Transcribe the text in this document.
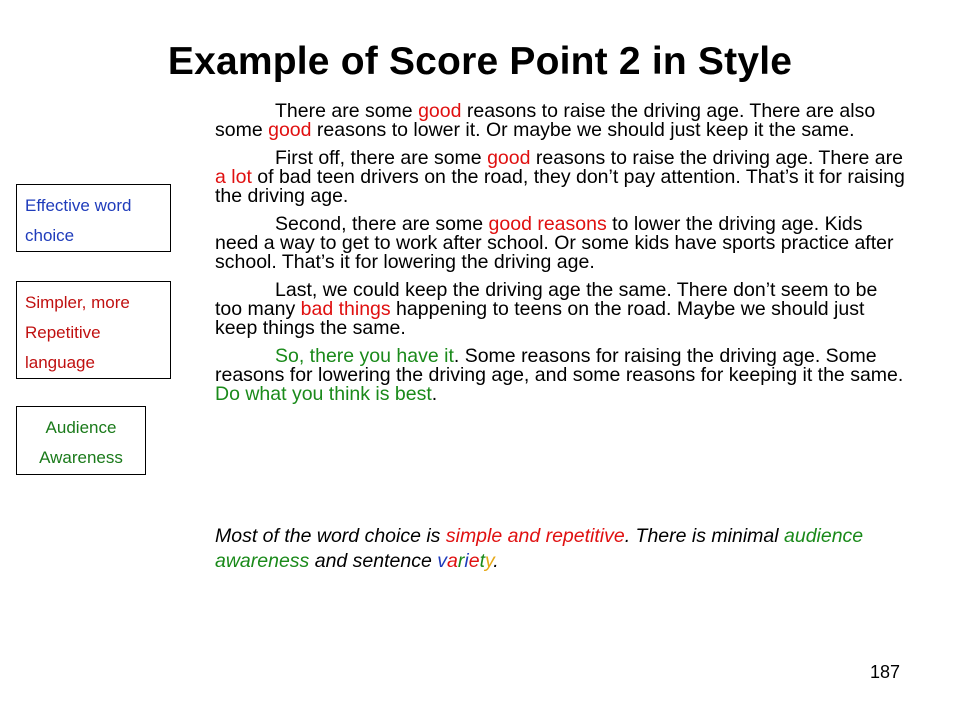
Example of Score Point 2 in Style
Effective word
choice
Simpler, more
Repetitive
language
Audience
Awareness

There are some good reasons to raise the driving age. There are also some good reasons to lower it. Or maybe we should just keep it the same.

First off, there are some good reasons to raise the driving age. There are a lot of bad teen drivers on the road, they don’t pay attention. That’s it for raising the driving age.

Second, there are some good reasons to lower the driving age. Kids need a way to get to work after school. Or some kids have sports practice after school. That’s it for lowering the driving age.

Last, we could keep the driving age the same. There don’t seem to be too many bad things happening to teens on the road. Maybe we should just keep things the same.

So, there you have it. Some reasons for raising the driving age. Some reasons for lowering the driving age, and some reasons for keeping it the same. Do what you think is best.

Most of the word choice is simple and repetitive. There is minimal audience awareness and sentence variety.
187
